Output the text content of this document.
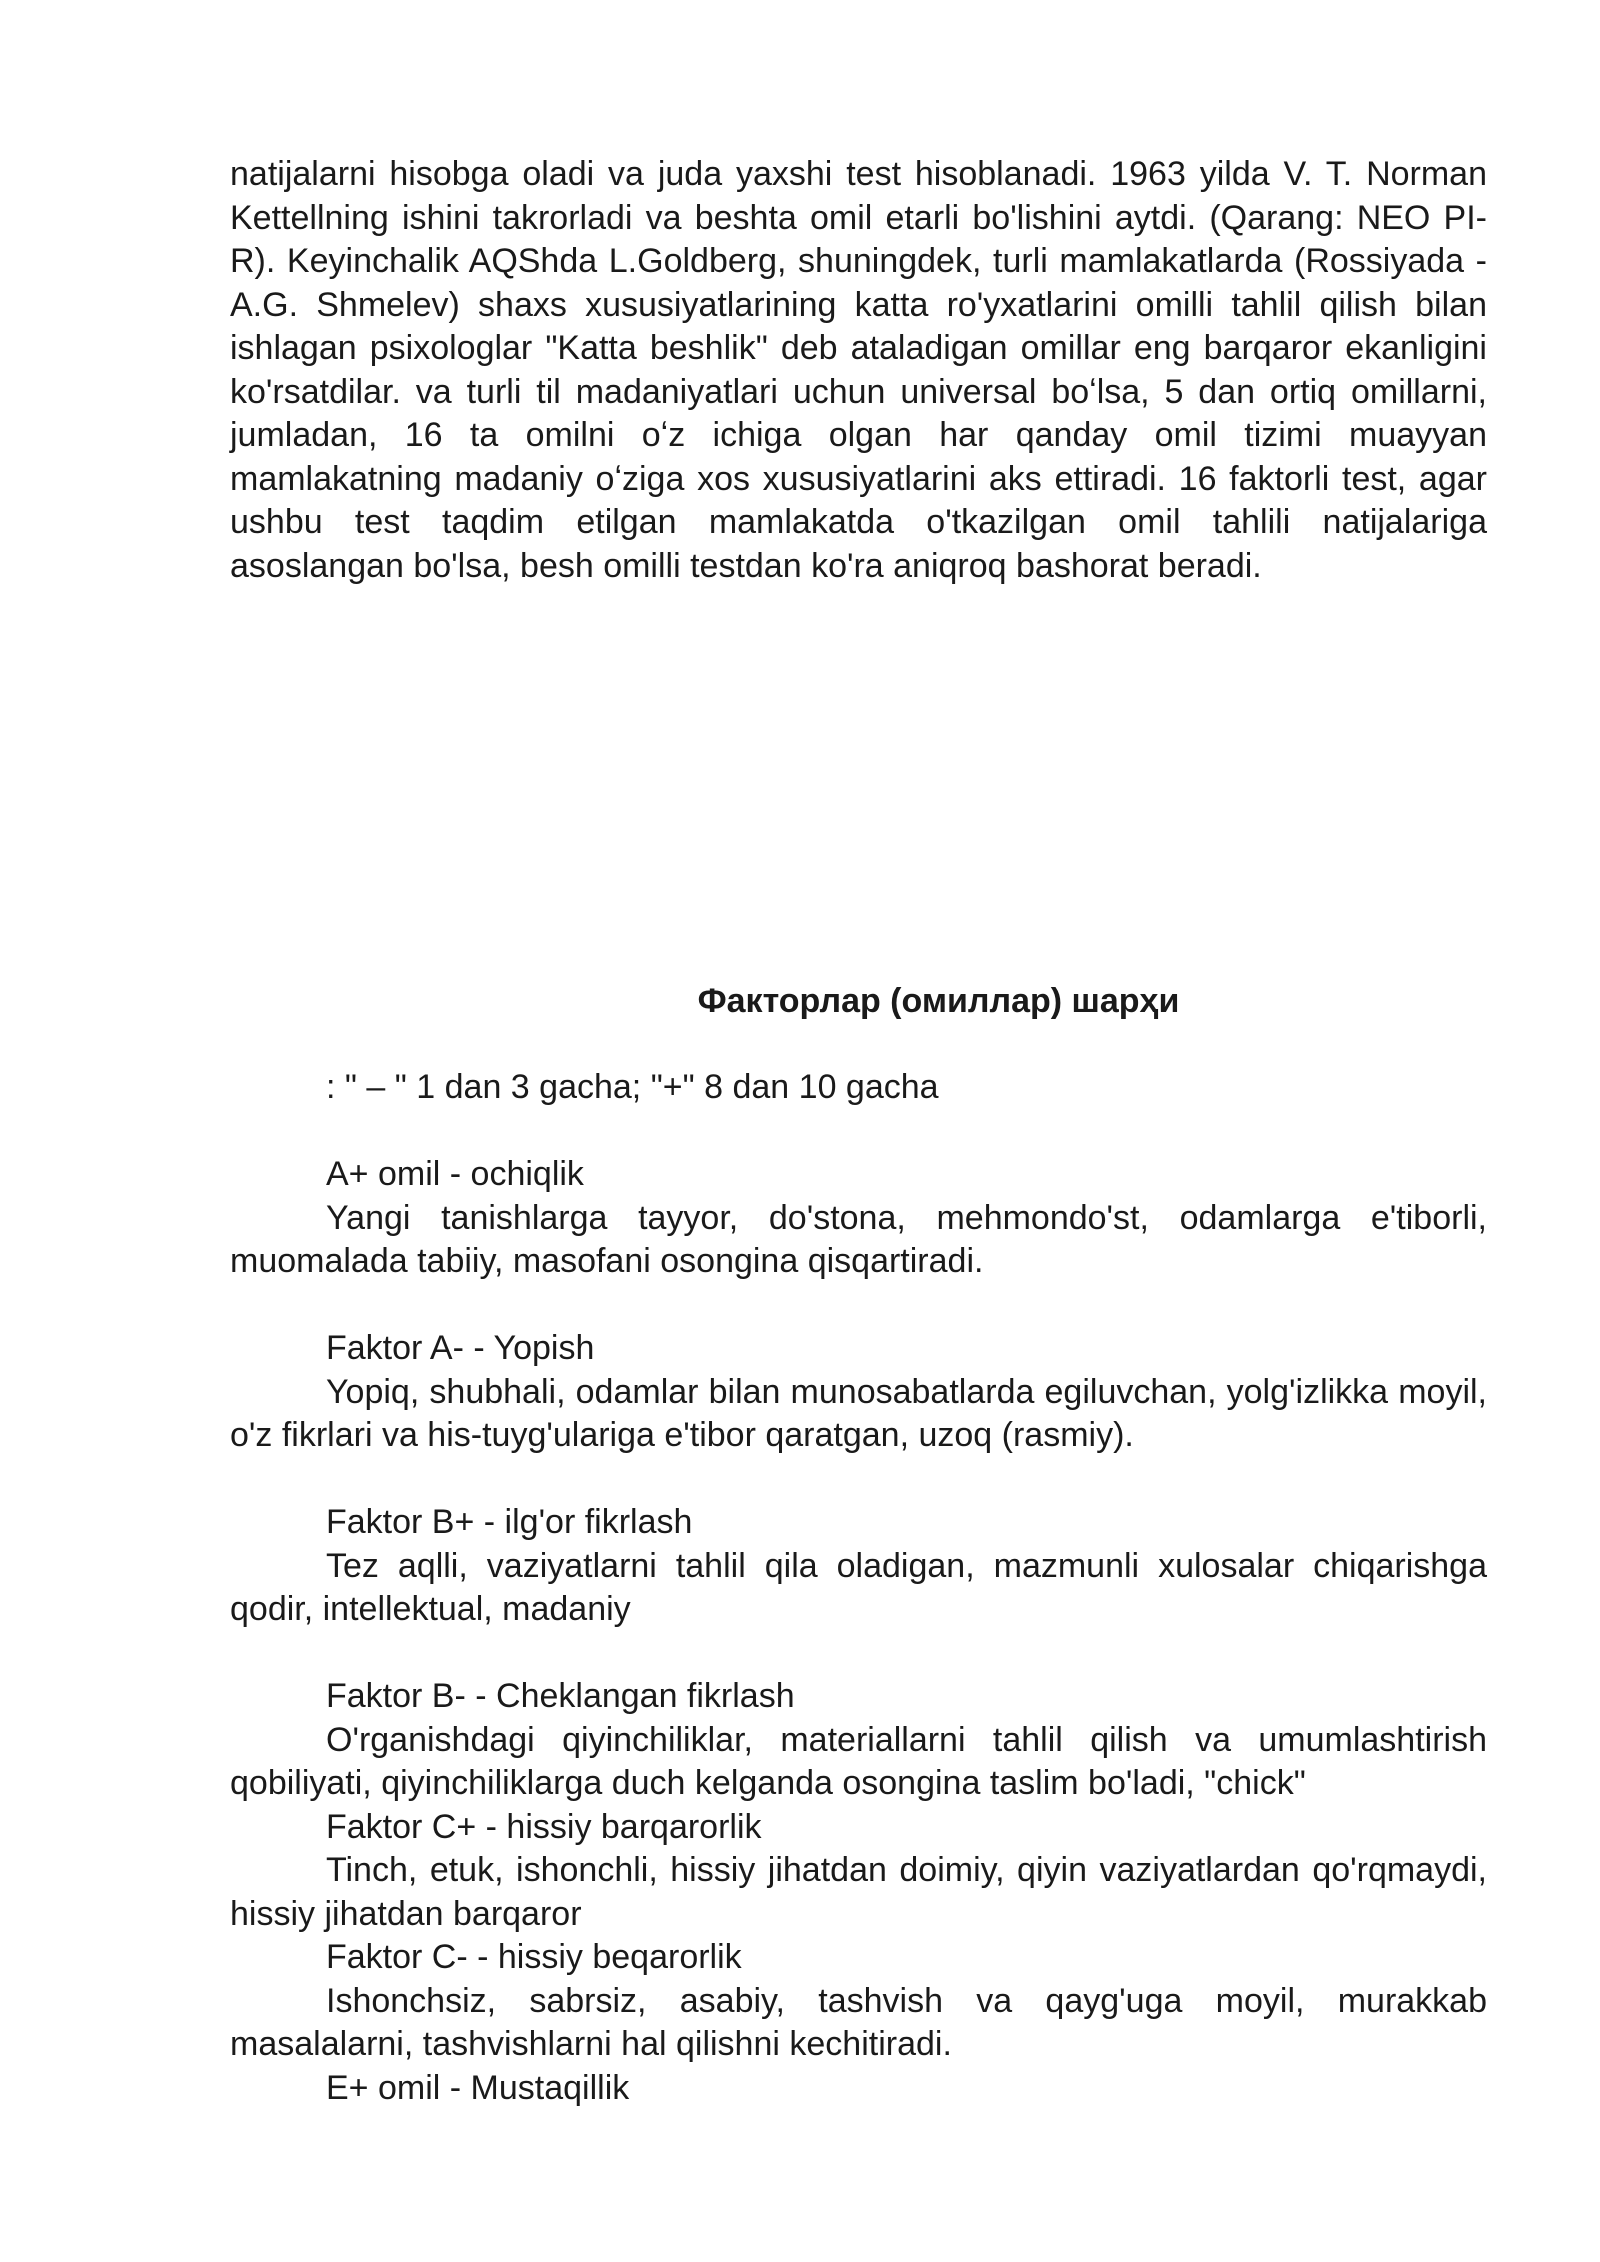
natijalarni hisobga oladi va juda yaxshi test hisoblanadi. 1963 yilda V. T. Norman Kettellning ishini takrorladi va beshta omil etarli bo'lishini aytdi. (Qarang: NEO PI-R). Keyinchalik AQShda L.Goldberg, shuningdek, turli mamlakatlarda (Rossiyada - A.G. Shmelev) shaxs xususiyatlarining katta ro'yxatlarini omilli tahlil qilish bilan ishlagan psixologlar "Katta beshlik" deb ataladigan omillar eng barqaror ekanligini ko'rsatdilar. va turli til madaniyatlari uchun universal boʻlsa, 5 dan ortiq omillarni, jumladan, 16 ta omilni oʻz ichiga olgan har qanday omil tizimi muayyan mamlakatning madaniy oʻziga xos xususiyatlarini aks ettiradi. 16 faktorli test, agar ushbu test taqdim etilgan mamlakatda o'tkazilgan omil tahlili natijalariga asoslangan bo'lsa, besh omilli testdan ko'ra aniqroq bashorat beradi.

Факторлар (омиллар) шарҳи

: " – " 1 dan 3 gacha; "+" 8 dan 10 gacha

A+ omil - ochiqlik

Yangi tanishlarga tayyor, do'stona, mehmondo'st, odamlarga e'tiborli, muomalada tabiiy, masofani osongina qisqartiradi.

Faktor A- - Yopish

Yopiq, shubhali, odamlar bilan munosabatlarda egiluvchan, yolg'izlikka moyil, o'z fikrlari va his-tuyg'ulariga e'tibor qaratgan, uzoq (rasmiy).

Faktor B+ - ilg'or fikrlash

Tez aqlli, vaziyatlarni tahlil qila oladigan, mazmunli xulosalar chiqarishga qodir, intellektual, madaniy

Faktor B- - Cheklangan fikrlash

O'rganishdagi qiyinchiliklar, materiallarni tahlil qilish va umumlashtirish qobiliyati, qiyinchiliklarga duch kelganda osongina taslim bo'ladi, "chick"

Faktor C+ - hissiy barqarorlik

Tinch, etuk, ishonchli, hissiy jihatdan doimiy, qiyin vaziyatlardan qo'rqmaydi, hissiy jihatdan barqaror

Faktor C- - hissiy beqarorlik

Ishonchsiz, sabrsiz, asabiy, tashvish va qayg'uga moyil, murakkab masalalarni, tashvishlarni hal qilishni kechitiradi.

E+ omil - Mustaqillik
